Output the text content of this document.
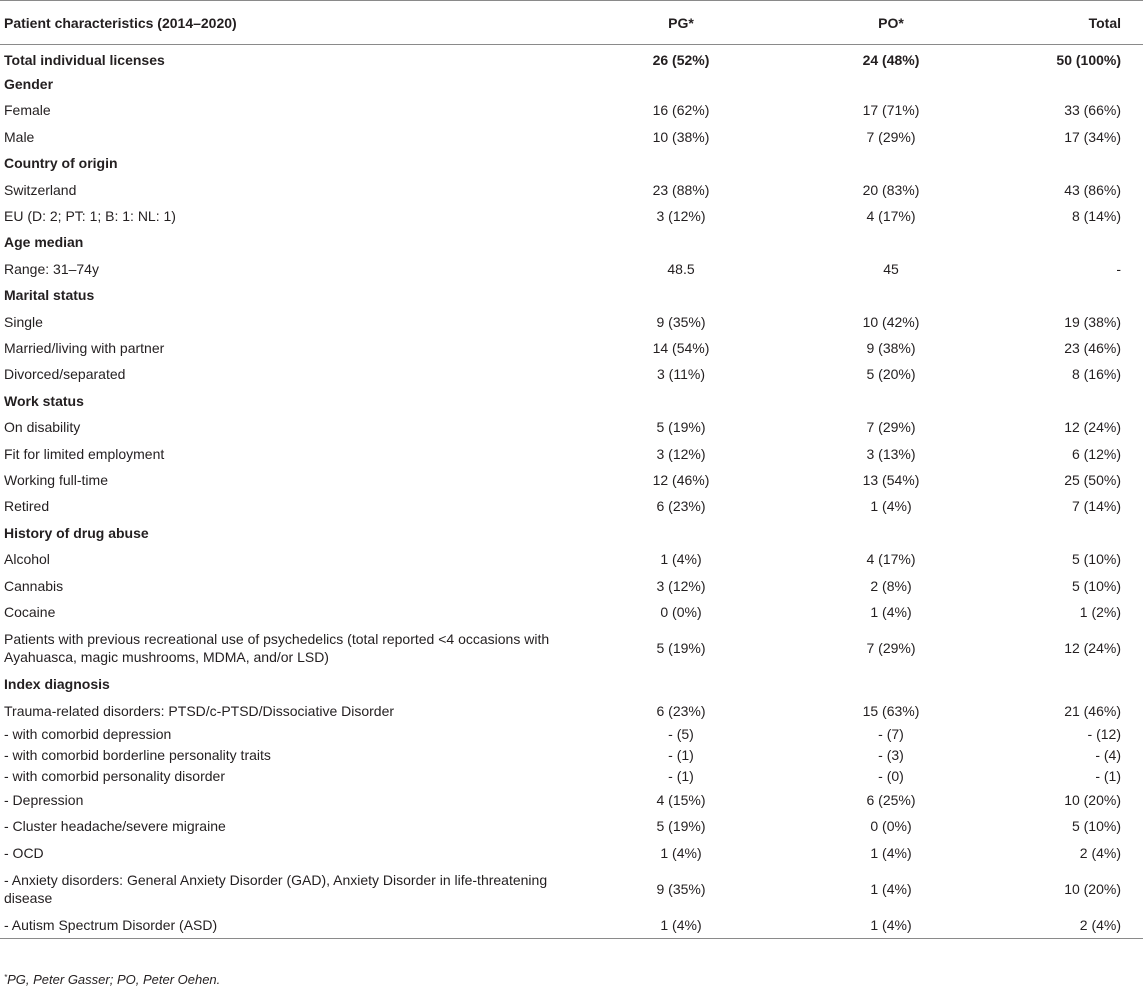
Patient characteristics (2014–2020)	PG*	PO*	Total
Total individual licenses	26 (52%)	24 (48%)	50 (100%)
Gender			
Female	16 (62%)	17 (71%)	33 (66%)
Male	10 (38%)	7 (29%)	17 (34%)
Country of origin			
Switzerland	23 (88%)	20 (83%)	43 (86%)
EU (D: 2; PT: 1; B: 1: NL: 1)	3 (12%)	4 (17%)	8 (14%)
Age median			
Range: 31–74y	48.5	45	-
Marital status			
Single	9 (35%)	10 (42%)	19 (38%)
Married/living with partner	14 (54%)	9 (38%)	23 (46%)
Divorced/separated	3 (11%)	5 (20%)	8 (16%)
Work status			
On disability	5 (19%)	7 (29%)	12 (24%)
Fit for limited employment	3 (12%)	3 (13%)	6 (12%)
Working full-time	12 (46%)	13 (54%)	25 (50%)
Retired	6 (23%)	1 (4%)	7 (14%)
History of drug abuse			
Alcohol	1 (4%)	4 (17%)	5 (10%)
Cannabis	3 (12%)	2 (8%)	5 (10%)
Cocaine	0 (0%)	1 (4%)	1 (2%)
Patients with previous recreational use of psychedelics (total reported <4 occasions with Ayahuasca, magic mushrooms, MDMA, and/or LSD)	5 (19%)	7 (29%)	12 (24%)
Index diagnosis			
Trauma-related disorders: PTSD/c-PTSD/Dissociative Disorder	6 (23%)	15 (63%)	21 (46%)
- with comorbid depression	- (5)	- (7)	- (12)
- with comorbid borderline personality traits	- (1)	- (3)	- (4)
- with comorbid personality disorder	- (1)	- (0)	- (1)
- Depression	4 (15%)	6 (25%)	10 (20%)
- Cluster headache/severe migraine	5 (19%)	0 (0%)	5 (10%)
- OCD	1 (4%)	1 (4%)	2 (4%)
- Anxiety disorders: General Anxiety Disorder (GAD), Anxiety Disorder in life-threatening disease	9 (35%)	1 (4%)	10 (20%)
- Autism Spectrum Disorder (ASD)	1 (4%)	1 (4%)	2 (4%)
*PG, Peter Gasser; PO, Peter Oehen.
